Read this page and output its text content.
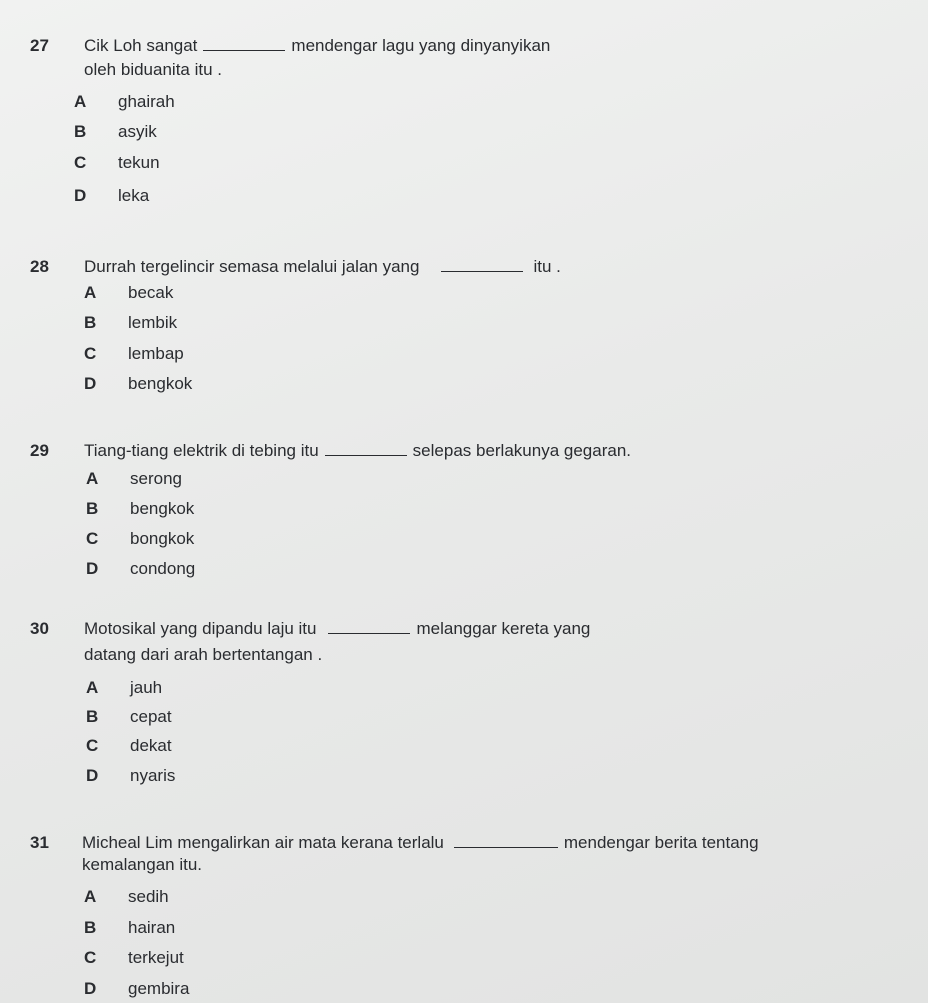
27 Cik Loh sangat	mendengar lagu yang dinyanyikan
oleh biduanita itu .
A ghairah
B asyik
C tekun
D leka
28 Durrah tergelincir semasa melalui jalan yang	itu .
A becak
B lembik
C lembap
D bengkok
29 Tiang-tiang elektrik di tebing itu	selepas berlakunya gegaran.
A serong
B bengkok
C bongkok
D condong
30 Motosikal yang dipandu laju itu	melanggar kereta yang
datang dari arah bertentangan .
A jauh
B cepat
C dekat
D nyaris
31 Micheal Lim mengalirkan air mata kerana terlalu	mendengar berita tentang
kemalangan itu.
A sedih
B hairan
C terkejut
D gembira
